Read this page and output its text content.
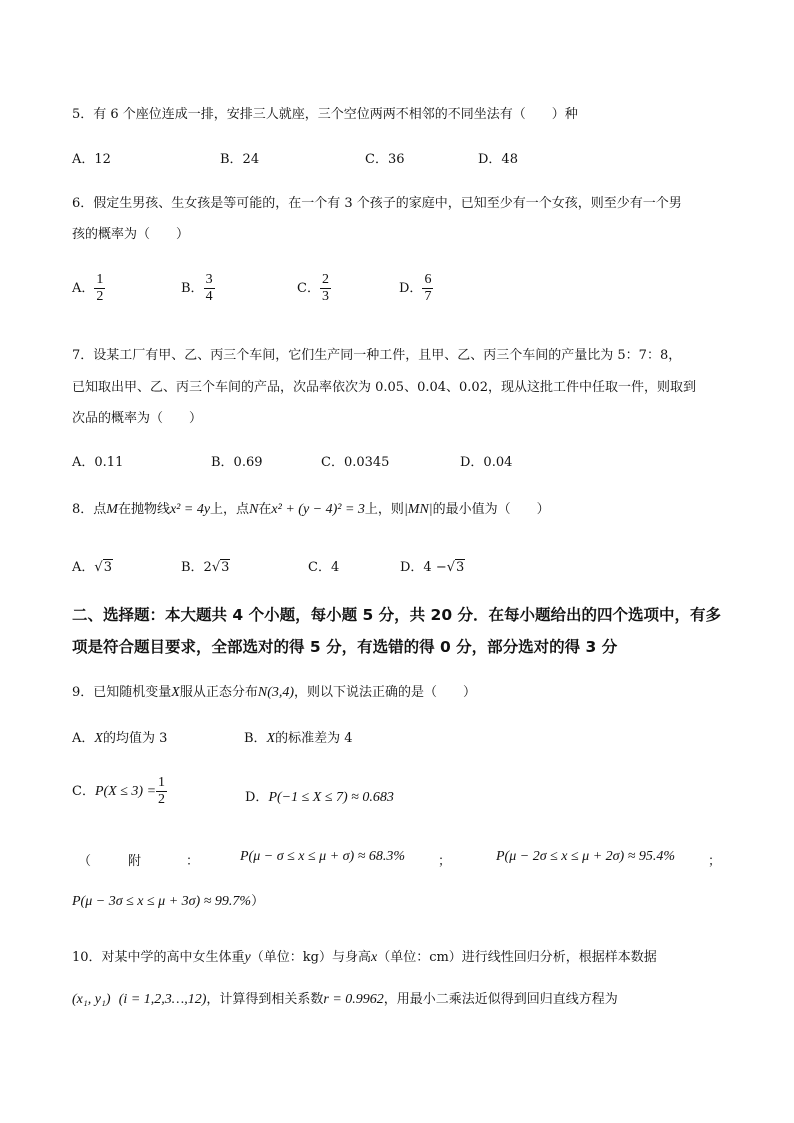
5．有 6 个座位连成一排，安排三人就座，三个空位两两不相邻的不同坐法有（　　）种
A．12	B．24	C．36	D．48
6．假定生男孩、生女孩是等可能的，在一个有 3 个孩子的家庭中，已知至少有一个女孩，则至少有一个男
孩的概率为（　　）
A． $\frac{1}{2}$	B． $\frac{3}{4}$	C． $\frac{2}{3}$	D． $\frac{6}{7}$
7．设某工厂有甲、乙、丙三个车间，它们生产同一种工件，且甲、乙、丙三个车间的产量比为 5：7：8，
已知取出甲、乙、丙三个车间的产品，次品率依次为 0.05、0.04、0.02，现从这批工件中任取一件，则取到
次品的概率为（　　）
A．0.11	B．0.69	C．0.0345	D．0.04
8．点M在抛物线x² = 4y上，点N在x² + (y − 4)² = 3上，则|MN|的最小值为（　　）
A．√3	B．2√3	C．4	D．4 −√3
二、选择题：本大题共 4 个小题，每小题 5 分，共 20 分．在每小题给出的四个选项中，有多
项是符合题目要求，全部选对的得 5 分，有选错的得 0 分，部分选对的得 3 分
9．已知随机变量X服从正态分布N(3,4)，则以下说法正确的是（　　）
A．X的均值为 3	B．X的标准差为 4
C．$P(X \le 3) = \frac{1}{2}$	D．P(−1 ≤ X ≤ 7) ≈ 0.683
（	附	：	P(μ − σ ≤ x ≤ μ + σ) ≈ 68.3%	；	P(μ − 2σ ≤ x ≤ μ + 2σ) ≈ 95.4%	；
P(μ − 3σ ≤ x ≤ μ + 3σ) ≈ 99.7%）
10．对某中学的高中女生体重y（单位：kg）与身高x（单位：cm）进行线性回归分析，根据样本数据
(x₁, y₁) (i = 1,2,3…,12)，计算得到相关系数r = 0.9962，用最小二乘法近似得到回归直线方程为
